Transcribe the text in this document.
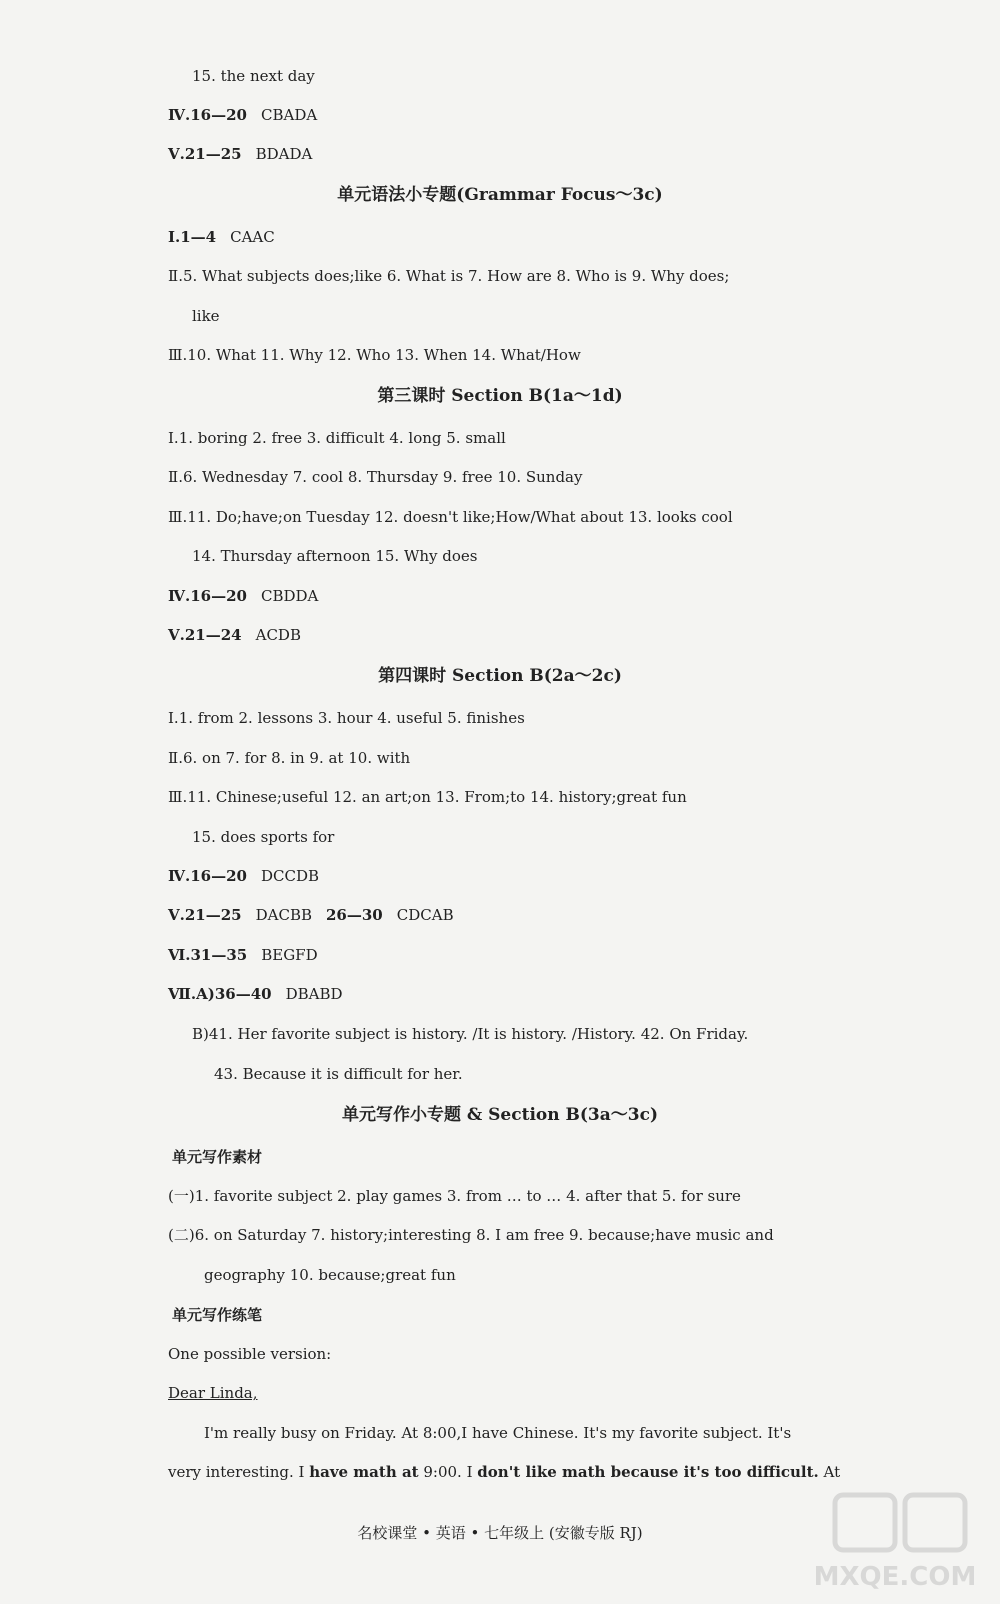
15. the next day
Ⅳ.16—20 CBADA
Ⅴ.21—25 BDADA
单元语法小专题(Grammar Focus～3c)
Ⅰ.1—4 CAAC
Ⅱ.5. What subjects does;like 6. What is 7. How are 8. Who is 9. Why does;
like
Ⅲ.10. What 11. Why 12. Who 13. When 14. What/How
第三课时 Section B(1a～1d)
Ⅰ.1. boring 2. free 3. difficult 4. long 5. small
Ⅱ.6. Wednesday 7. cool 8. Thursday 9. free 10. Sunday
Ⅲ.11. Do;have;on Tuesday 12. doesn't like;How/What about 13. looks cool
14. Thursday afternoon 15. Why does
Ⅳ.16—20 CBDDA
Ⅴ.21—24 ACDB
第四课时 Section B(2a～2c)
Ⅰ.1. from 2. lessons 3. hour 4. useful 5. finishes
Ⅱ.6. on 7. for 8. in 9. at 10. with
Ⅲ.11. Chinese;useful 12. an art;on 13. From;to 14. history;great fun
15. does sports for
Ⅳ.16—20 DCCDB
Ⅴ.21—25 DACBB 26—30 CDCAB
Ⅵ.31—35 BEGFD
Ⅶ.A)36—40 DBABD
B)41. Her favorite subject is history. /It is history. /History. 42. On Friday.
43. Because it is difficult for her.
单元写作小专题 & Section B(3a～3c)
单元写作素材
(一)1. favorite subject 2. play games 3. from … to … 4. after that 5. for sure
(二)6. on Saturday 7. history;interesting 8. I am free 9. because;have music and
geography 10. because;great fun
单元写作练笔
One possible version:
Dear Linda,
I'm really busy on Friday. At 8:00,I have Chinese. It's my favorite subject. It's
very interesting. I have math at 9:00. I don't like math because it's too difficult. At
名校课堂 • 英语 • 七年级上 (安徽专版 RJ)
MXQE.COM
